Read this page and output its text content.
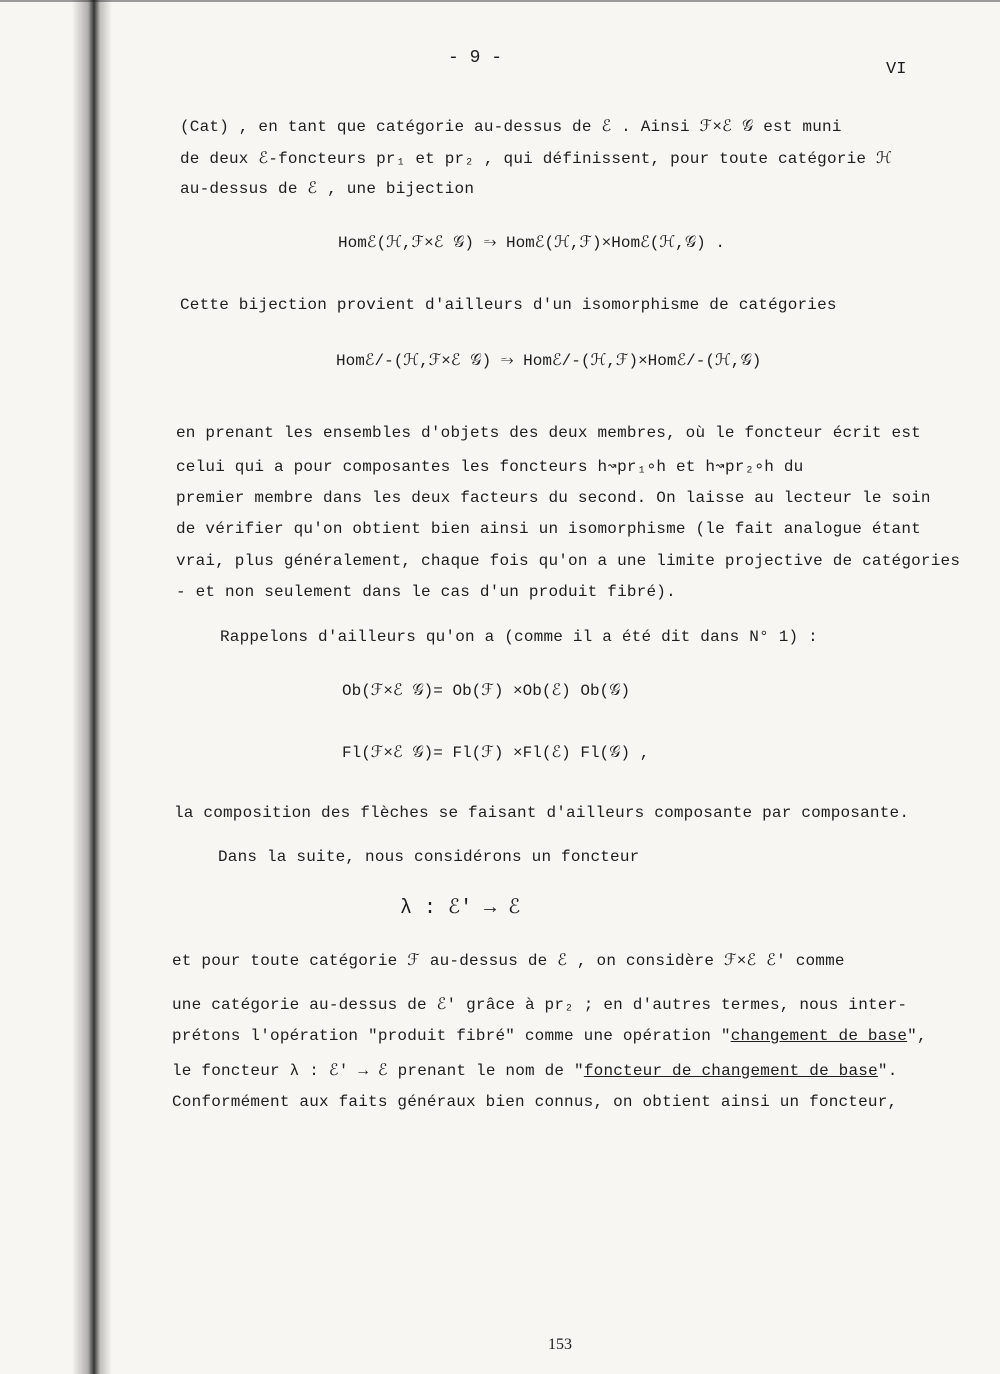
- 9 -
VI
(Cat) , en tant que catégorie au-dessus de ℰ . Ainsi ℱ×ℰ 𝒢 est muni
de deux ℰ-foncteurs pr₁ et pr₂ , qui définissent, pour toute catégorie ℋ
au-dessus de ℰ , une bijection
Homℰ(ℋ,ℱ×ℰ 𝒢) ⥲ Homℰ(ℋ,ℱ)×Homℰ(ℋ,𝒢) .
Cette bijection provient d'ailleurs d'un isomorphisme de catégories
Homℰ/-(ℋ,ℱ×ℰ 𝒢) ⥲ Homℰ/-(ℋ,ℱ)×Homℰ/-(ℋ,𝒢)
en prenant les ensembles d'objets des deux membres, où le foncteur écrit est
celui qui a pour composantes les foncteurs h↝pr₁∘h et h↝pr₂∘h du
premier membre dans les deux facteurs du second. On laisse au lecteur le soin
de vérifier qu'on obtient bien ainsi un isomorphisme (le fait analogue étant
vrai, plus généralement, chaque fois qu'on a une limite projective de catégories
- et non seulement dans le cas d'un produit fibré).
Rappelons d'ailleurs qu'on a (comme il a été dit dans N° 1) :
Ob(ℱ×ℰ 𝒢)= Ob(ℱ) ×Ob(ℰ) Ob(𝒢)
Fl(ℱ×ℰ 𝒢)= Fl(ℱ) ×Fl(ℰ) Fl(𝒢) ,
la composition des flèches se faisant d'ailleurs composante par composante.
Dans la suite, nous considérons un foncteur
λ : ℰ' → ℰ
et pour toute catégorie ℱ au-dessus de ℰ , on considère ℱ×ℰ ℰ' comme
une catégorie au-dessus de ℰ' grâce à pr₂ ; en d'autres termes, nous inter-
prétons l'opération "produit fibré" comme une opération "changement de base",
le foncteur λ : ℰ' → ℰ prenant le nom de "foncteur de changement de base".
Conformément aux faits généraux bien connus, on obtient ainsi un foncteur,
153
